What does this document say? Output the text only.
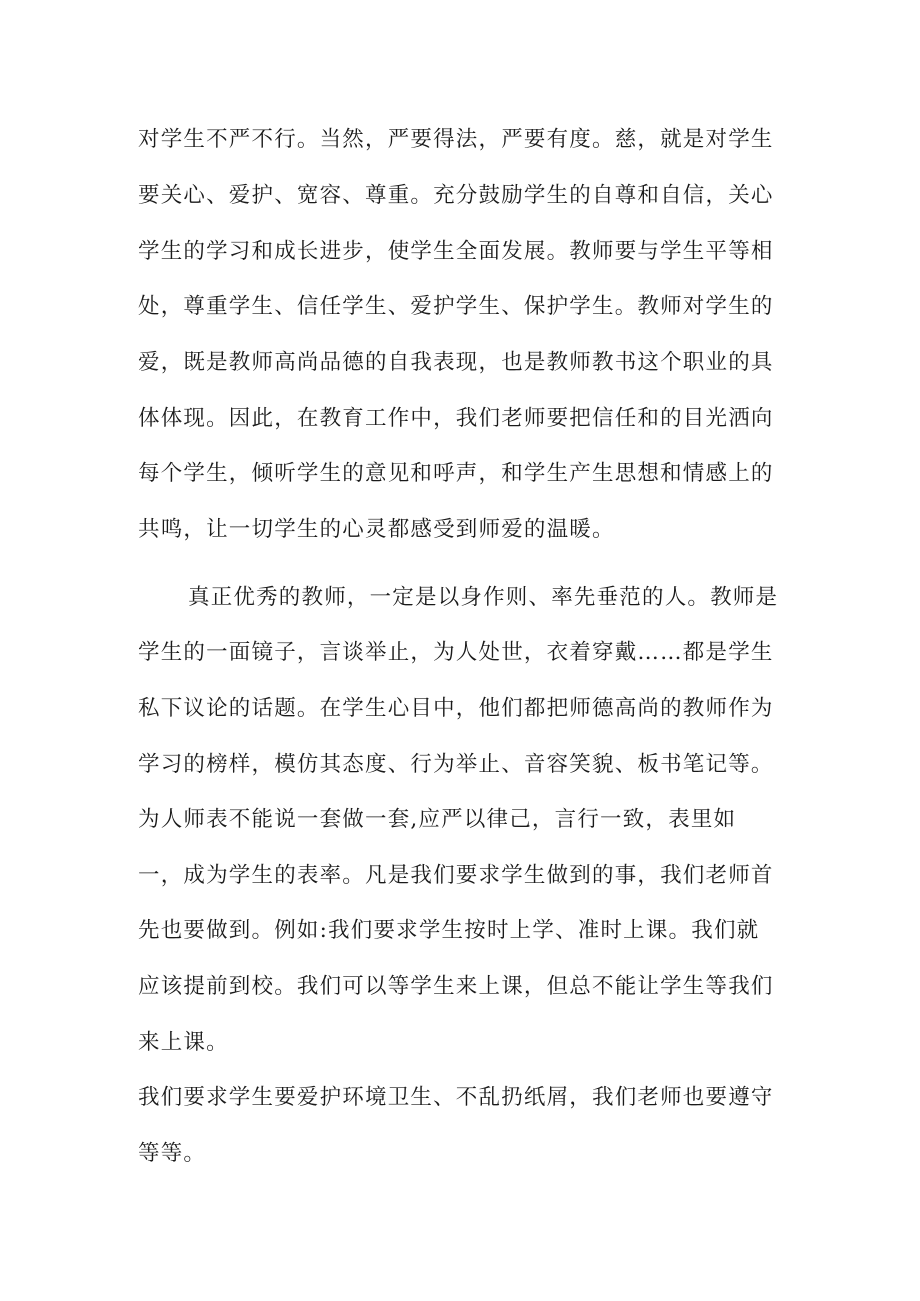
对学生不严不行。当然，严要得法，严要有度。慈，就是对学生

要关心、爱护、宽容、尊重。充分鼓励学生的自尊和自信，关心

学生的学习和成长进步，使学生全面发展。教师要与学生平等相

处，尊重学生、信任学生、爱护学生、保护学生。教师对学生的

爱，既是教师高尚品德的自我表现，也是教师教书这个职业的具

体体现。因此，在教育工作中，我们老师要把信任和的目光洒向

每个学生，倾听学生的意见和呼声，和学生产生思想和情感上的

共鸣，让一切学生的心灵都感受到师爱的温暖。

真正优秀的教师，一定是以身作则、率先垂范的人。教师是

学生的一面镜子，言谈举止，为人处世，衣着穿戴……都是学生

私下议论的话题。在学生心目中，他们都把师德高尚的教师作为

学习的榜样，模仿其态度、行为举止、音容笑貌、板书笔记等。

为人师表不能说一套做一套,应严以律己，言行一致，表里如

一，成为学生的表率。凡是我们要求学生做到的事，我们老师首

先也要做到。例如:我们要求学生按时上学、准时上课。我们就

应该提前到校。我们可以等学生来上课，但总不能让学生等我们

来上课。

我们要求学生要爱护环境卫生、不乱扔纸屑，我们老师也要遵守

等等。
